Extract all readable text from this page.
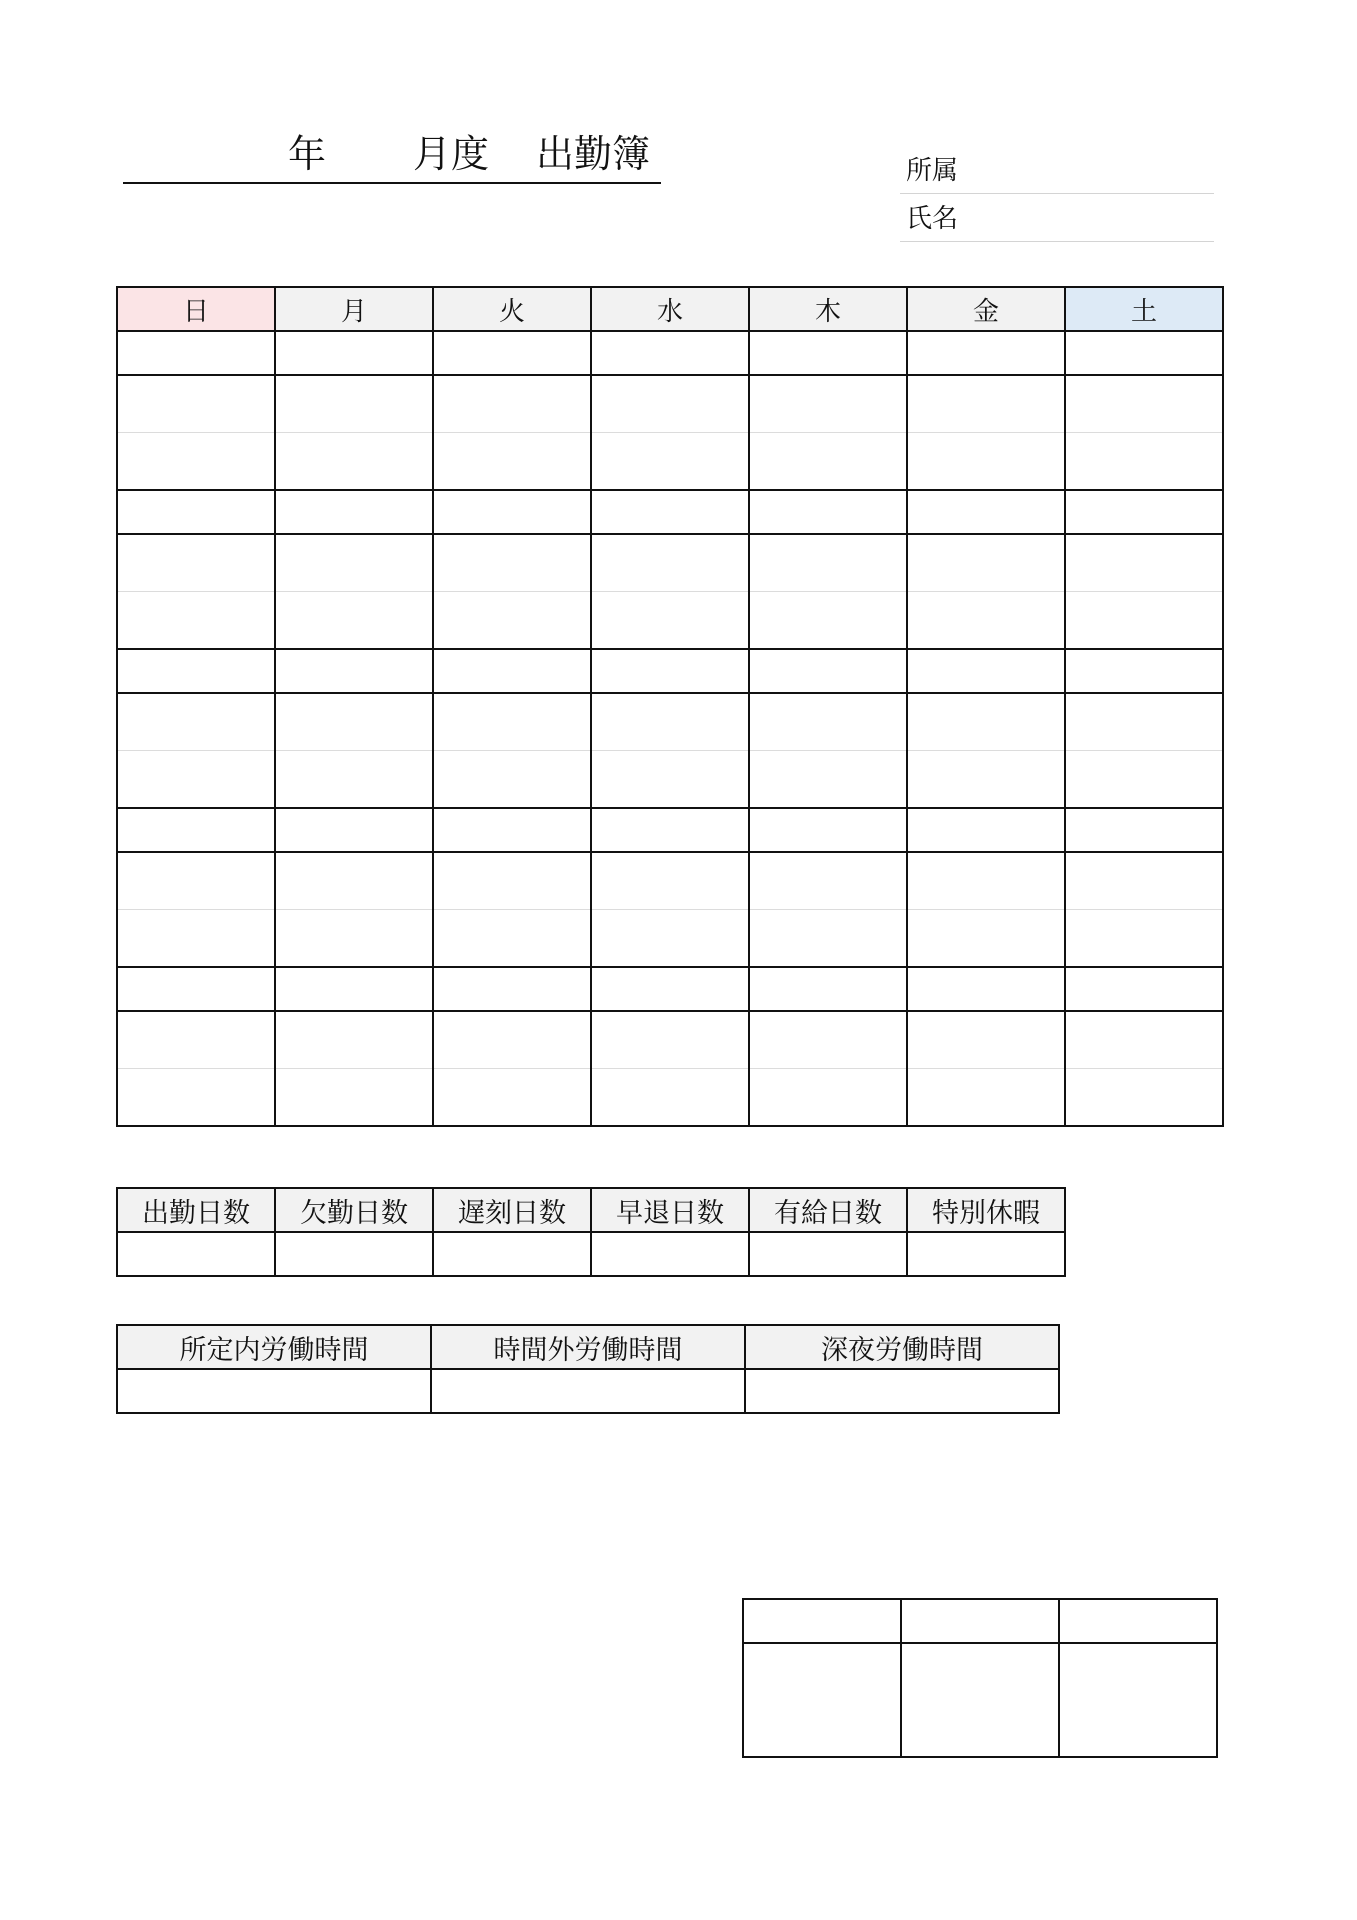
年 月度 出勤簿	所属
氏名
日	月	火	水	木	金	土

出勤日数	欠勤日数	遅刻日数	早退日数	有給日数	特別休暇

所定内労働時間	時間外労働時間	深夜労働時間
